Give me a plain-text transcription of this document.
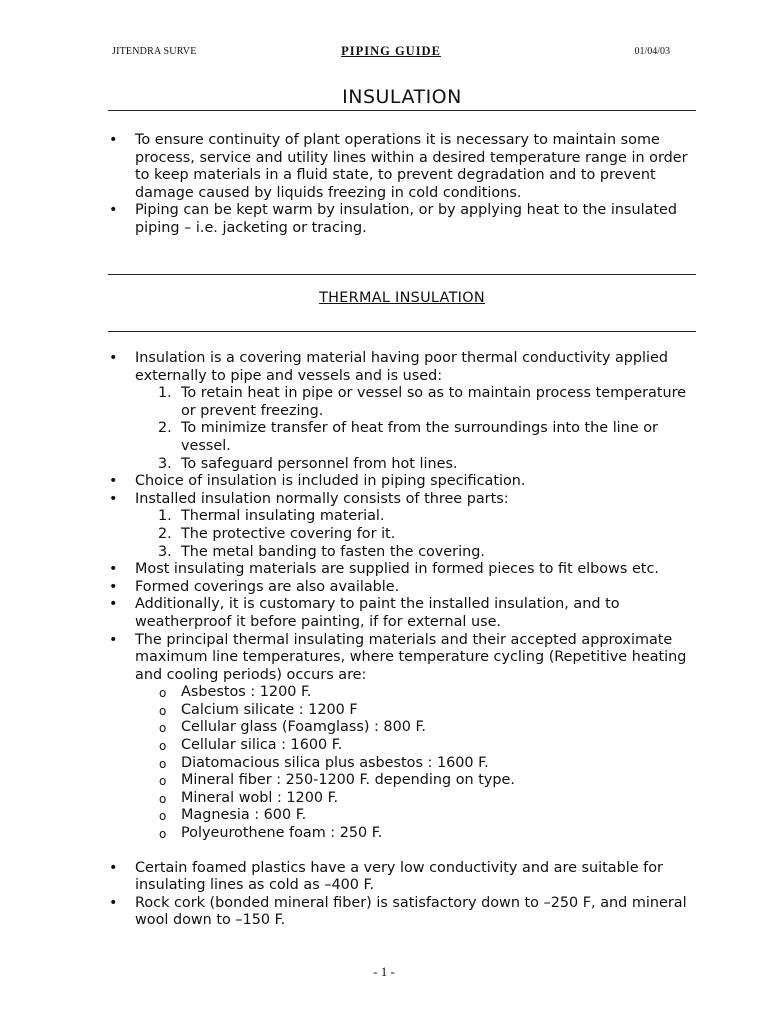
JITENDRA SURVE	PIPING GUIDE	01/04/03
INSULATION
• To ensure continuity of plant operations it is necessary to maintain some process, service and utility lines within a desired temperature range in order to keep materials in a fluid state, to prevent degradation and to prevent damage caused by liquids freezing in cold conditions.
• Piping can be kept warm by insulation, or by applying heat to the insulated piping – i.e. jacketing or tracing.
THERMAL INSULATION
• Insulation is a covering material having poor thermal conductivity applied externally to pipe and vessels and is used:
1. To retain heat in pipe or vessel so as to maintain process temperature or prevent freezing.
2. To minimize transfer of heat from the surroundings into the line or vessel.
3. To safeguard personnel from hot lines.
• Choice of insulation is included in piping specification.
• Installed insulation normally consists of three parts:
1. Thermal insulating material.
2. The protective covering for it.
3. The metal banding to fasten the covering.
• Most insulating materials are supplied in formed pieces to fit elbows etc.
• Formed coverings are also available.
• Additionally, it is customary to paint the installed insulation, and to weatherproof it before painting, if for external use.
• The principal thermal insulating materials and their accepted approximate maximum line temperatures, where temperature cycling (Repetitive heating and cooling periods) occurs are:
o Asbestos : 1200 F.
o Calcium silicate : 1200 F
o Cellular glass (Foamglass) : 800 F.
o Cellular silica : 1600 F.
o Diatomacious silica plus asbestos : 1600 F.
o Mineral fiber : 250-1200 F. depending on type.
o Mineral wobl : 1200 F.
o Magnesia : 600 F.
o Polyeurothene foam : 250 F.
• Certain foamed plastics have a very low conductivity and are suitable for insulating lines as cold as –400 F.
• Rock cork (bonded mineral fiber) is satisfactory down to –250 F, and mineral wool down to –150 F.
- 1 -
